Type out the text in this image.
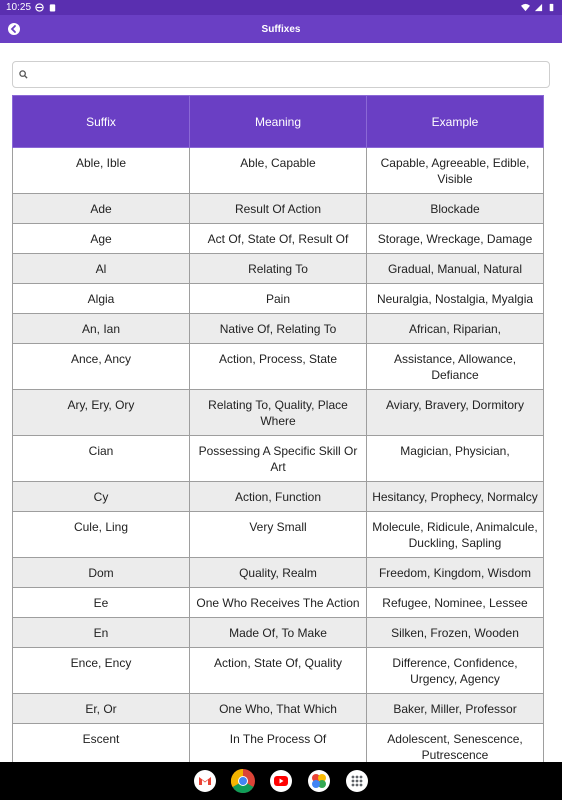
10:25
Suffixes
Suffix	Meaning	Example
Able, Ible	Able, Capable	Capable, Agreeable, Edible, Visible
Ade	Result Of Action	Blockade
Age	Act Of, State Of, Result Of	Storage, Wreckage, Damage
Al	Relating To	Gradual, Manual, Natural
Algia	Pain	Neuralgia, Nostalgia, Myalgia
An, Ian	Native Of, Relating To	African, Riparian,
Ance, Ancy	Action, Process, State	Assistance, Allowance, Defiance
Ary, Ery, Ory	Relating To, Quality, Place Where	Aviary, Bravery, Dormitory
Cian	Possessing A Specific Skill Or Art	Magician, Physician,
Cy	Action, Function	Hesitancy, Prophecy, Normalcy
Cule, Ling	Very Small	Molecule, Ridicule, Animalcule, Duckling, Sapling
Dom	Quality, Realm	Freedom, Kingdom, Wisdom
Ee	One Who Receives The Action	Refugee, Nominee, Lessee
En	Made Of, To Make	Silken, Frozen, Wooden
Ence, Ency	Action, State Of, Quality	Difference, Confidence, Urgency, Agency
Er, Or	One Who, That Which	Baker, Miller, Professor
Escent	In The Process Of	Adolescent, Senescence, Putrescence
